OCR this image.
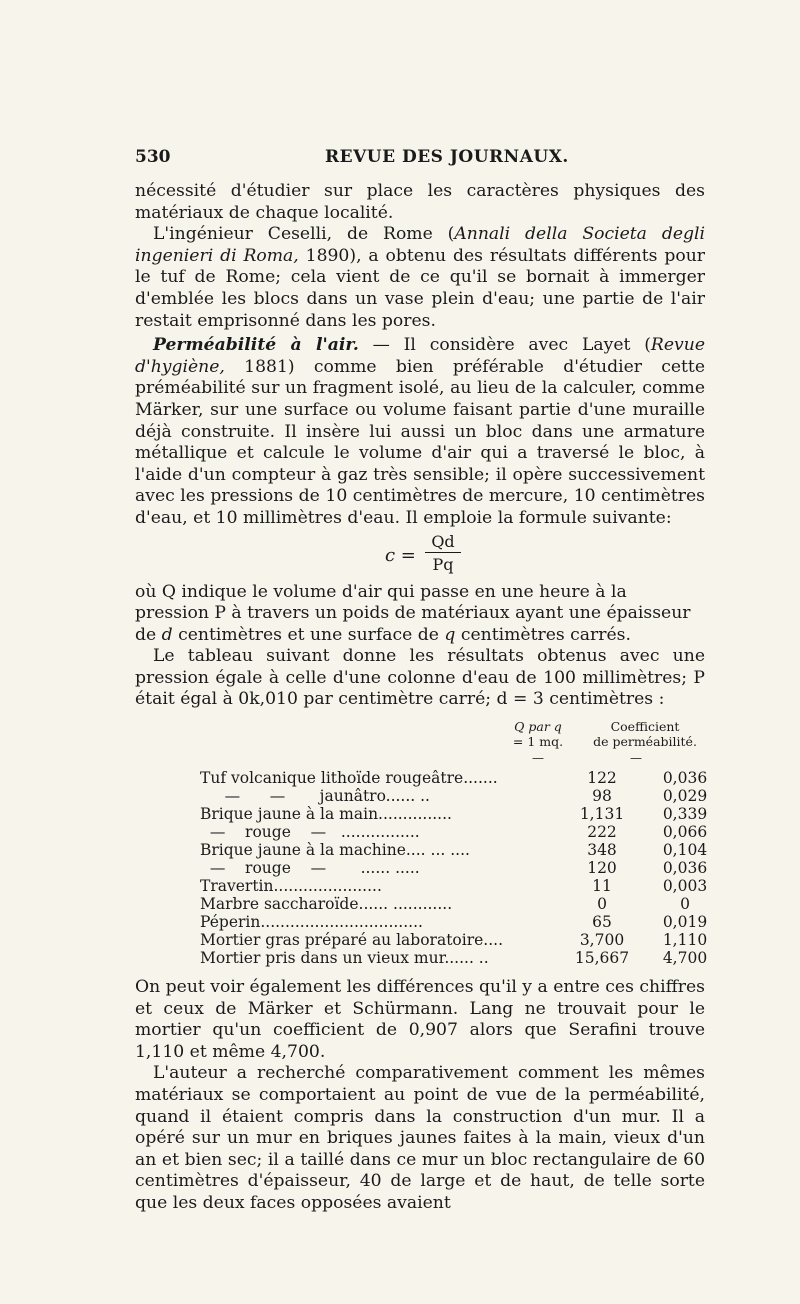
530	REVUE DES JOURNAUX.

nécessité d'étudier sur place les caractères physiques des matériaux de chaque localité.

L'ingénieur Ceselli, de Rome (Annali della Societa degli ingenieri di Roma, 1890), a obtenu des résultats différents pour le tuf de Rome; cela vient de ce qu'il se bornait à immerger d'emblée les blocs dans un vase plein d'eau; une partie de l'air restait emprisonné dans les pores.

Perméabilité à l'air. — Il considère avec Layet (Revue d'hygiène, 1881) comme bien préférable d'étudier cette préméabilité sur un fragment isolé, au lieu de la calculer, comme Märker, sur une surface ou volume faisant partie d'une muraille déjà construite. Il insère lui aussi un bloc dans une armature métallique et calcule le volume d'air qui a traversé le bloc, à l'aide d'un compteur à gaz très sensible; il opère successivement avec les pressions de 10 centimètres de mercure, 10 centimètres d'eau, et 10 millimètres d'eau. Il emploie la formule suivante:

$c = \frac{Qd}{Pq}$

où Q indique le volume d'air qui passe en une heure à la pression P à travers un poids de matériaux ayant une épaisseur de d centimètres et une surface de q centimètres carrés.

Le tableau suivant donne les résultats obtenus avec une pression égale à celle d'une colonne d'eau de 100 millimètres; P était égal à 0k,010 par centimètre carré; d = 3 centimètres :

Q par q
= 1 mq.
Coefficient
de perméabilité.
—	—
Tuf volcanique lithoïde rougeâtre.......	122	0,036
—      —       jaunâtro...... ..	98	0,029
Brique jaune à la main...............	1,131	0,339
—    rouge    —   ................	222	0,066
Brique jaune à la machine.... ... ....	348	0,104
—    rouge    —       ...... .....	120	0,036
Travertin......................	11	0,003
Marbre saccharoïde...... ............	0	0
Péperin.................................	65	0,019
Mortier gras préparé au laboratoire....	3,700	1,110
Mortier pris dans un vieux mur...... ..	15,667	4,700

On peut voir également les différences qu'il y a entre ces chiffres et ceux de Märker et Schürmann. Lang ne trouvait pour le mortier qu'un coefficient de 0,907 alors que Serafini trouve 1,110 et même 4,700.

L'auteur a recherché comparativement comment les mêmes matériaux se comportaient au point de vue de la perméabilité, quand il étaient compris dans la construction d'un mur. Il a opéré sur un mur en briques jaunes faites à la main, vieux d'un an et bien sec; il a taillé dans ce mur un bloc rectangulaire de 60 centimètres d'épaisseur, 40 de large et de haut, de telle sorte que les deux faces opposées avaient
